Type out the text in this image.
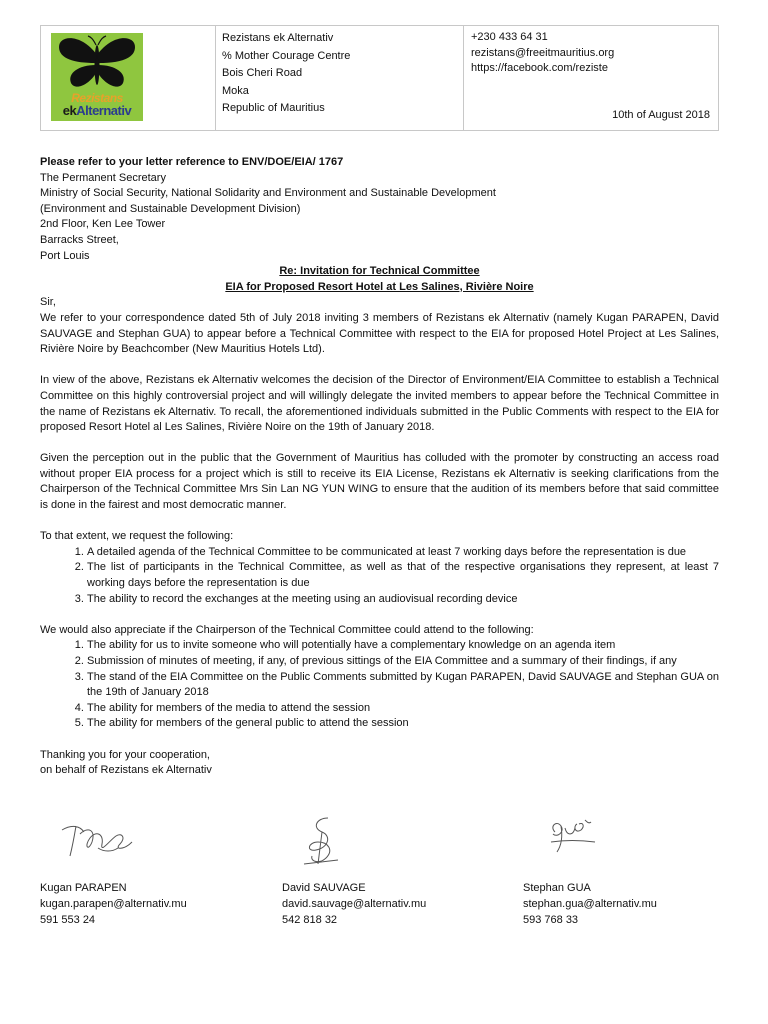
Rezistans
ekAlternativ
Rezistans ek Alternativ
% Mother Courage Centre
Bois Cheri Road
Moka
Republic of Mauritius
+230 433 64 31
rezistans@freeitmauritius.org
https://facebook.com/reziste
10th of August 2018
Please refer to your letter reference to ENV/DOE/EIA/ 1767
The Permanent Secretary
Ministry of Social Security, National Solidarity and Environment and Sustainable Development
(Environment and Sustainable Development Division)
2nd Floor, Ken Lee Tower
Barracks Street,
Port Louis
Re: Invitation for Technical Committee
EIA for Proposed Resort Hotel at Les Salines, Rivière Noire
Sir,

We refer to your correspondence dated 5th of July 2018 inviting 3 members of Rezistans ek Alternativ (namely Kugan PARAPEN, David SAUVAGE and Stephan GUA) to appear before a Technical Committee with respect to the EIA for proposed Hotel Project at Les Salines, Rivière Noire by Beachcomber (New Mauritius Hotels Ltd).

In view of the above, Rezistans ek Alternativ welcomes the decision of the Director of Environment/EIA Committee to establish a Technical Committee on this highly controversial project and will willingly delegate the invited members to appear before the Technical Committee in the name of Rezistans ek Alternativ. To recall, the aforementioned individuals submitted in the Public Comments with respect to the EIA for proposed Resort Hotel al Les Salines, Rivière Noire on the 19th of January 2018.

Given the perception out in the public that the Government of Mauritius has colluded with the promoter by constructing an access road without proper EIA process for a project which is still to receive its EIA License, Rezistans ek Alternativ is seeking clarifications from the Chairperson of the Technical Committee Mrs Sin Lan NG YUN WING to ensure that the audition of its members before that said committee is done in the fairest and most democratic manner.

To that extent, we request the following:
1. A detailed agenda of the Technical Committee to be communicated at least 7 working days before the representation is due
2. The list of participants in the Technical Committee, as well as that of the respective organisations they represent, at least 7 working days before the representation is due
3. The ability to record the exchanges at the meeting using an audiovisual recording device
We would also appreciate if the Chairperson of the Technical Committee could attend to the following:
1. The ability for us to invite someone who will potentially have a complementary knowledge on an agenda item
2. Submission of minutes of meeting, if any, of previous sittings of the EIA Committee and a summary of their findings, if any
3. The stand of the EIA Committee on the Public Comments submitted by Kugan PARAPEN, David SAUVAGE and Stephan GUA on the 19th of January 2018
4. The ability for members of the media to attend the session
5. The ability for members of the general public to attend the session
Thanking you for your cooperation,
on behalf of Rezistans ek Alternativ
Kugan PARAPEN
kugan.parapen@alternativ.mu
591 553 24
David SAUVAGE
david.sauvage@alternativ.mu
542 818 32
Stephan GUA
stephan.gua@alternativ.mu
593 768 33
